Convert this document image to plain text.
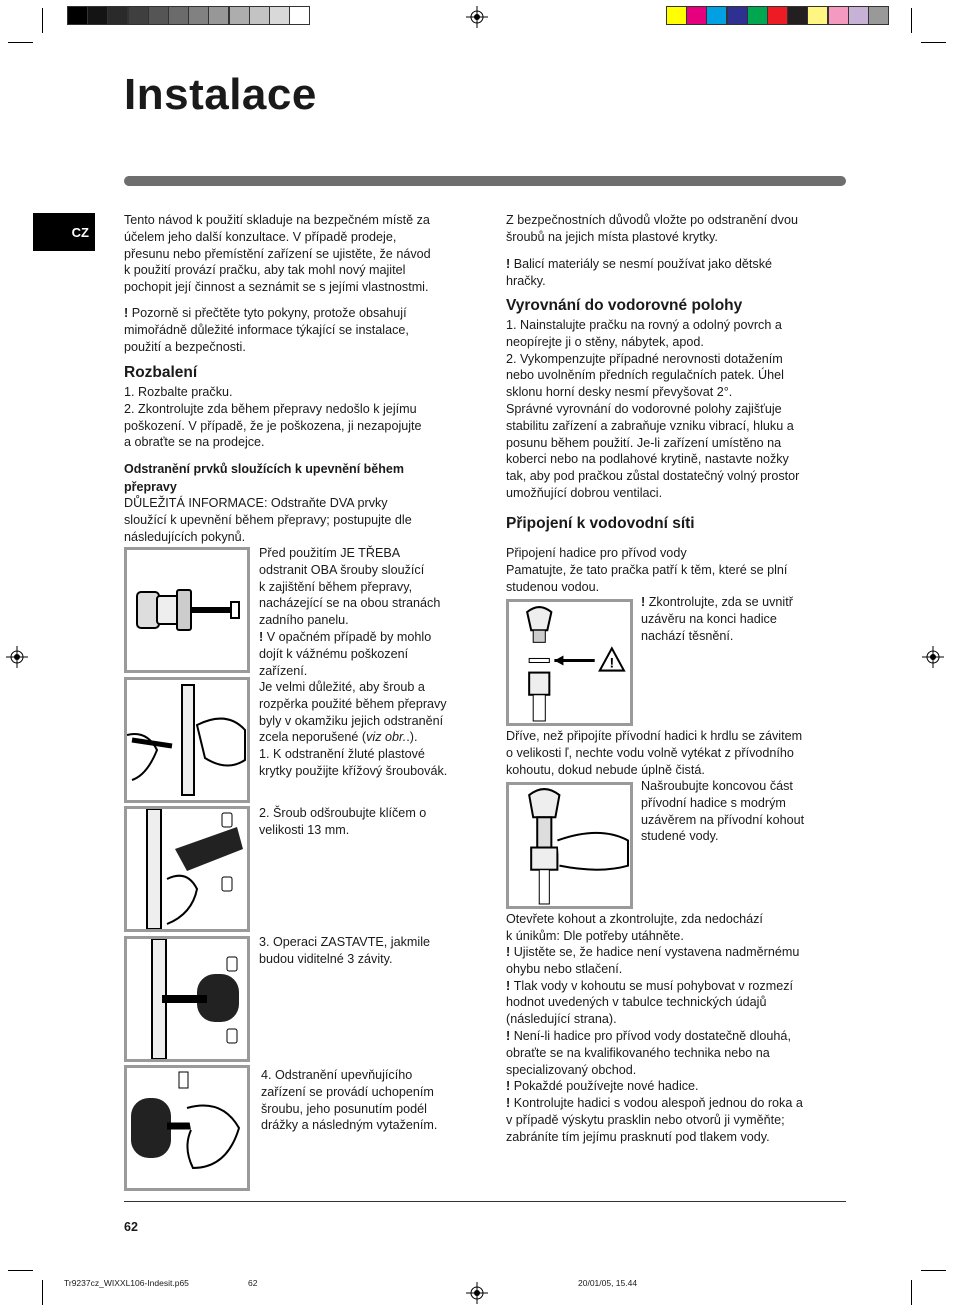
Instalace
CZ

Tento návod k použití skladuje na bezpečném místě za
účelem jeho další konzultace. V případě prodeje,
přesunu nebo přemístění zařízení se ujistěte, že návod
k použití provází pračku, aby tak mohl nový majitel
pochopit její činnost a seznámit se s jejími vlastnostmi.

! Pozorně si přečtěte tyto pokyny, protože obsahují
mimořádně důležité informace týkající se instalace,
použití a bezpečnosti.

Rozbalení

1. Rozbalte pračku.
2. Zkontrolujte zda během přepravy nedošlo k jejímu
poškození. V případě, že je poškozena, ji nezapojujte
a obraťte se na prodejce.

Odstranění prvků sloužících k upevnění během
přepravy

DŮLEŽITÁ INFORMACE: Odstraňte DVA prvky
sloužící k upevnění během přepravy; postupujte dle
následujících pokynů.

Před použitím JE TŘEBA
odstranit OBA šrouby sloužící
k zajištění během přepravy,
nacházející se na obou stranách
zadního panelu.

! V opačném případě by mohlo
dojít k vážnému poškození
zařízení.

Je velmi důležité, aby šroub a
rozpěrka použité během přepravy
byly v okamžiku jejich odstranění
zcela neporušené (viz obr..).

1. K odstranění žluté plastové
krytky použijte křížový šroubovák.

2. Šroub odšroubujte klíčem o
velikosti 13 mm.

3. Operaci ZASTAVTE, jakmile
budou viditelné 3 závity.

4. Odstranění upevňujícího
zařízení se provádí uchopením
šroubu, jeho posunutím podél
drážky a následným vytažením.

Z bezpečnostních důvodů vložte po odstranění dvou
šroubů na jejich místa plastové krytky.

! Balicí materiály se nesmí používat jako dětské
hračky.

Vyrovnání do vodorovné polohy

1. Nainstalujte pračku na rovný a odolný povrch a
neopírejte ji o stěny, nábytek, apod.
2. Vykompenzujte případné nerovnosti dotažením
nebo uvolněním předních regulačních patek. Úhel
sklonu horní desky nesmí převyšovat 2°.
Správné vyrovnání do vodorovné polohy zajišťuje
stabilitu zařízení a zabraňuje vzniku vibrací, hluku a
posunu během použití. Je-li zařízení umístěno na
koberci nebo na podlahové krytině, nastavte nožky
tak, aby pod pračkou zůstal dostatečný volný prostor
umožňující dobrou ventilaci.

Připojení k vodovodní síti

Připojení hadice pro přívod vody
Pamatujte, že tato pračka patří k těm, které se plní
studenou vodou.

!

! Zkontrolujte, zda se uvnitř
uzávěru na konci hadice
nachází těsnění.

Dříve, než připojíte přívodní hadici k hrdlu se závitem
o velikosti ľ, nechte vodu volně vytékat z přívodního
kohoutu, dokud nebude úplně čistá.

Našroubujte koncovou část
přívodní hadice s modrým
uzávěrem na přívodní kohout
studené vody.

Otevřete kohout a zkontrolujte, zda nedochází
k únikům: Dle potřeby utáhněte.

! Ujistěte se, že hadice není vystavena nadměrnému
ohybu nebo stlačení.

! Tlak vody v kohoutu se musí pohybovat v rozmezí
hodnot uvedených v tabulce technických údajů
(následující strana).

! Není-li hadice pro přívod vody dostatečně dlouhá,
obraťte se na kvalifikovaného technika nebo na
specializovaný obchod.

! Pokaždé používejte nové hadice.

! Kontrolujte hadici s vodou alespoň jednou do roka a
v případě výskytu prasklin nebo otvorů ji vyměňte;
zabráníte tím jejímu prasknutí pod tlakem vody.

62
Tr9237cz_WIXXL106-Indesit.p65	62	20/01/05, 15.44
